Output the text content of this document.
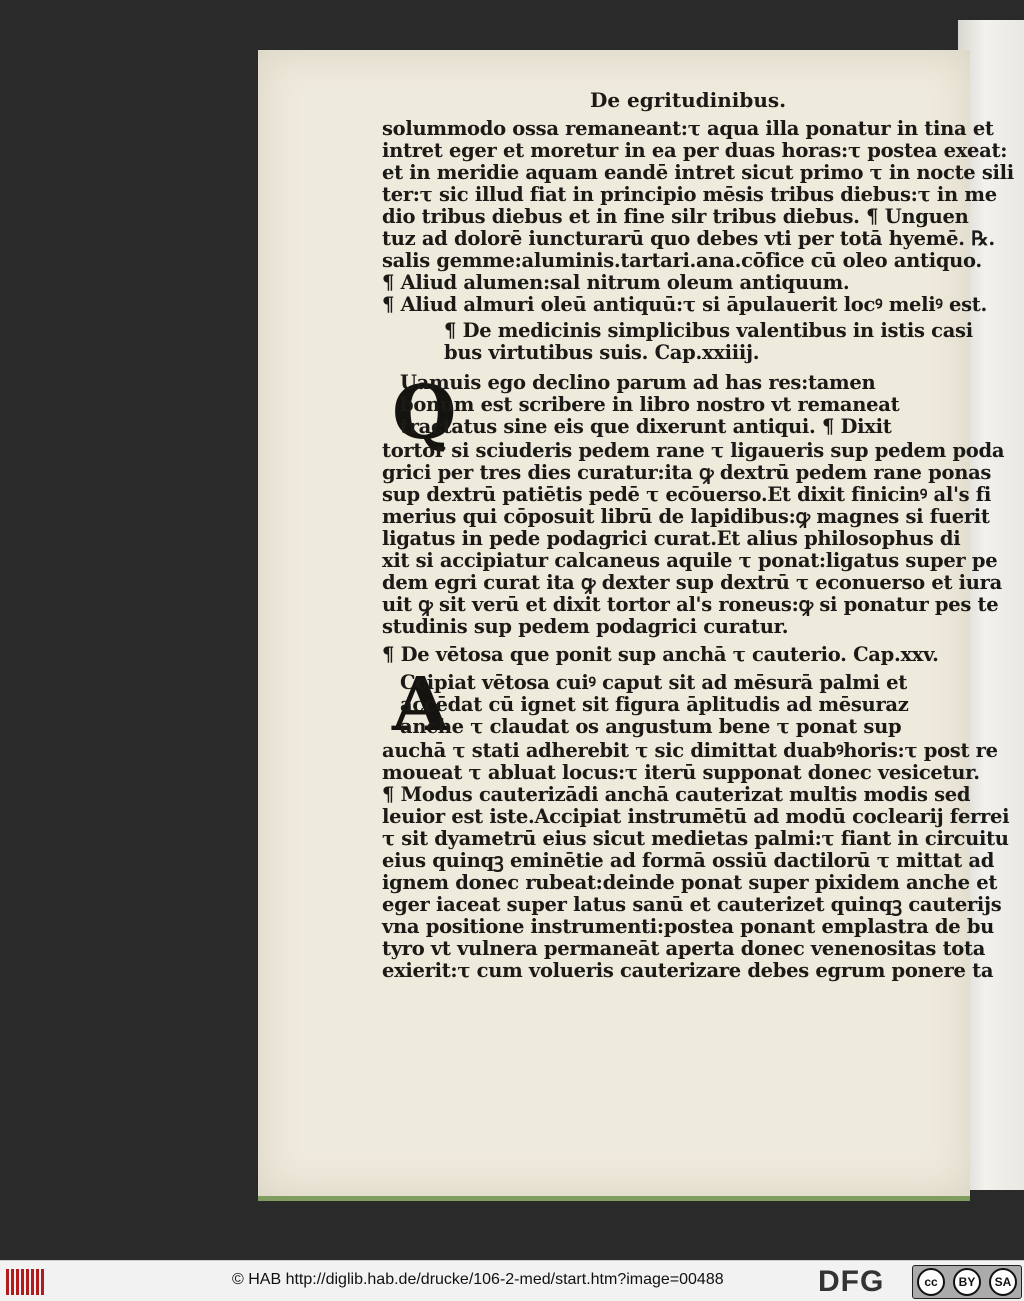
De egritudinibus.
Q
A
solummodo ossa remaneant:τ aqua illa ponatur in tina et
intret eger et moretur in ea per duas horas:τ postea exeat:
et in meridie aquam eandē intret sicut primo τ in nocte sili
ter:τ sic illud fiat in principio mēsis tribus diebus:τ in me
dio tribus diebus et in fine silr tribus diebus. ¶ Unguen
tuz ad dolorē iuncturarū quo debes vti per totā hyemē. ℞.
salis gemme:aluminis.tartari.ana.cōfice cū oleo antiquo.
¶ Aliud alumen:sal nitrum oleum antiquum.
¶ Aliud almuri oleū antiquū:τ si āpulauerit locꝰ meliꝰ est.
¶ De medicinis simplicibus valentibus in istis casi
bus virtutibus suis. Cap.xxiiij.
Uamuis ego declino parum ad has res:tamen
bonum est scribere in libro nostro vt remaneat
tractatus sine eis que dixerunt antiqui. ¶ Dixit
tortor si sciuderis pedem rane τ ligaueris sup pedem poda
grici per tres dies curatur:ita ꝙ dextrū pedem rane ponas
sup dextrū patiētis pedē τ ecōuerso.Et dixit finicinꝰ al's fi
merius qui cōposuit librū de lapidibus:ꝙ magnes si fuerit
ligatus in pede podagrici curat.Et alius philosophus di
xit si accipiatur calcaneus aquile τ ponat:ligatus super pe
dem egri curat ita ꝙ dexter sup dextrū τ econuerso et iura
uit ꝙ sit verū et dixit tortor al's roneus:ꝙ si ponatur pes te
studinis sup pedem podagrici curatur.
¶ De vētosa que ponit sup anchā τ cauterio. Cap.xxv.
Ccipiat vētosa cuiꝰ caput sit ad mēsurā palmi et
accēdat cū ignet sit figura āplitudis ad mēsuraz
anche τ claudat os angustum bene τ ponat sup
auchā τ stati adherebit τ sic dimittat duabꝰhoris:τ post re
moueat τ abluat locus:τ iterū supponat donec vesicetur.
¶ Modus cauterizādi anchā cauterizat multis modis sed
leuior est iste.Accipiat instrumētū ad modū coclearij ferrei
τ sit dyametrū eius sicut medietas palmi:τ fiant in circuitu
eius quinqꝫ eminētie ad formā ossiū dactilorū τ mittat ad
ignem donec rubeat:deinde ponat super pixidem anche et
eger iaceat super latus sanū et cauterizet quinqꝫ cauterijs
vna positione instrumenti:postea ponant emplastra de bu
tyro vt vulnera permaneāt aperta donec venenositas tota
exierit:τ cum volueris cauterizare debes egrum ponere ta
© HAB http://diglib.hab.de/drucke/106-2-med/start.htm?image=00488	DFG	cc	BY	SA
